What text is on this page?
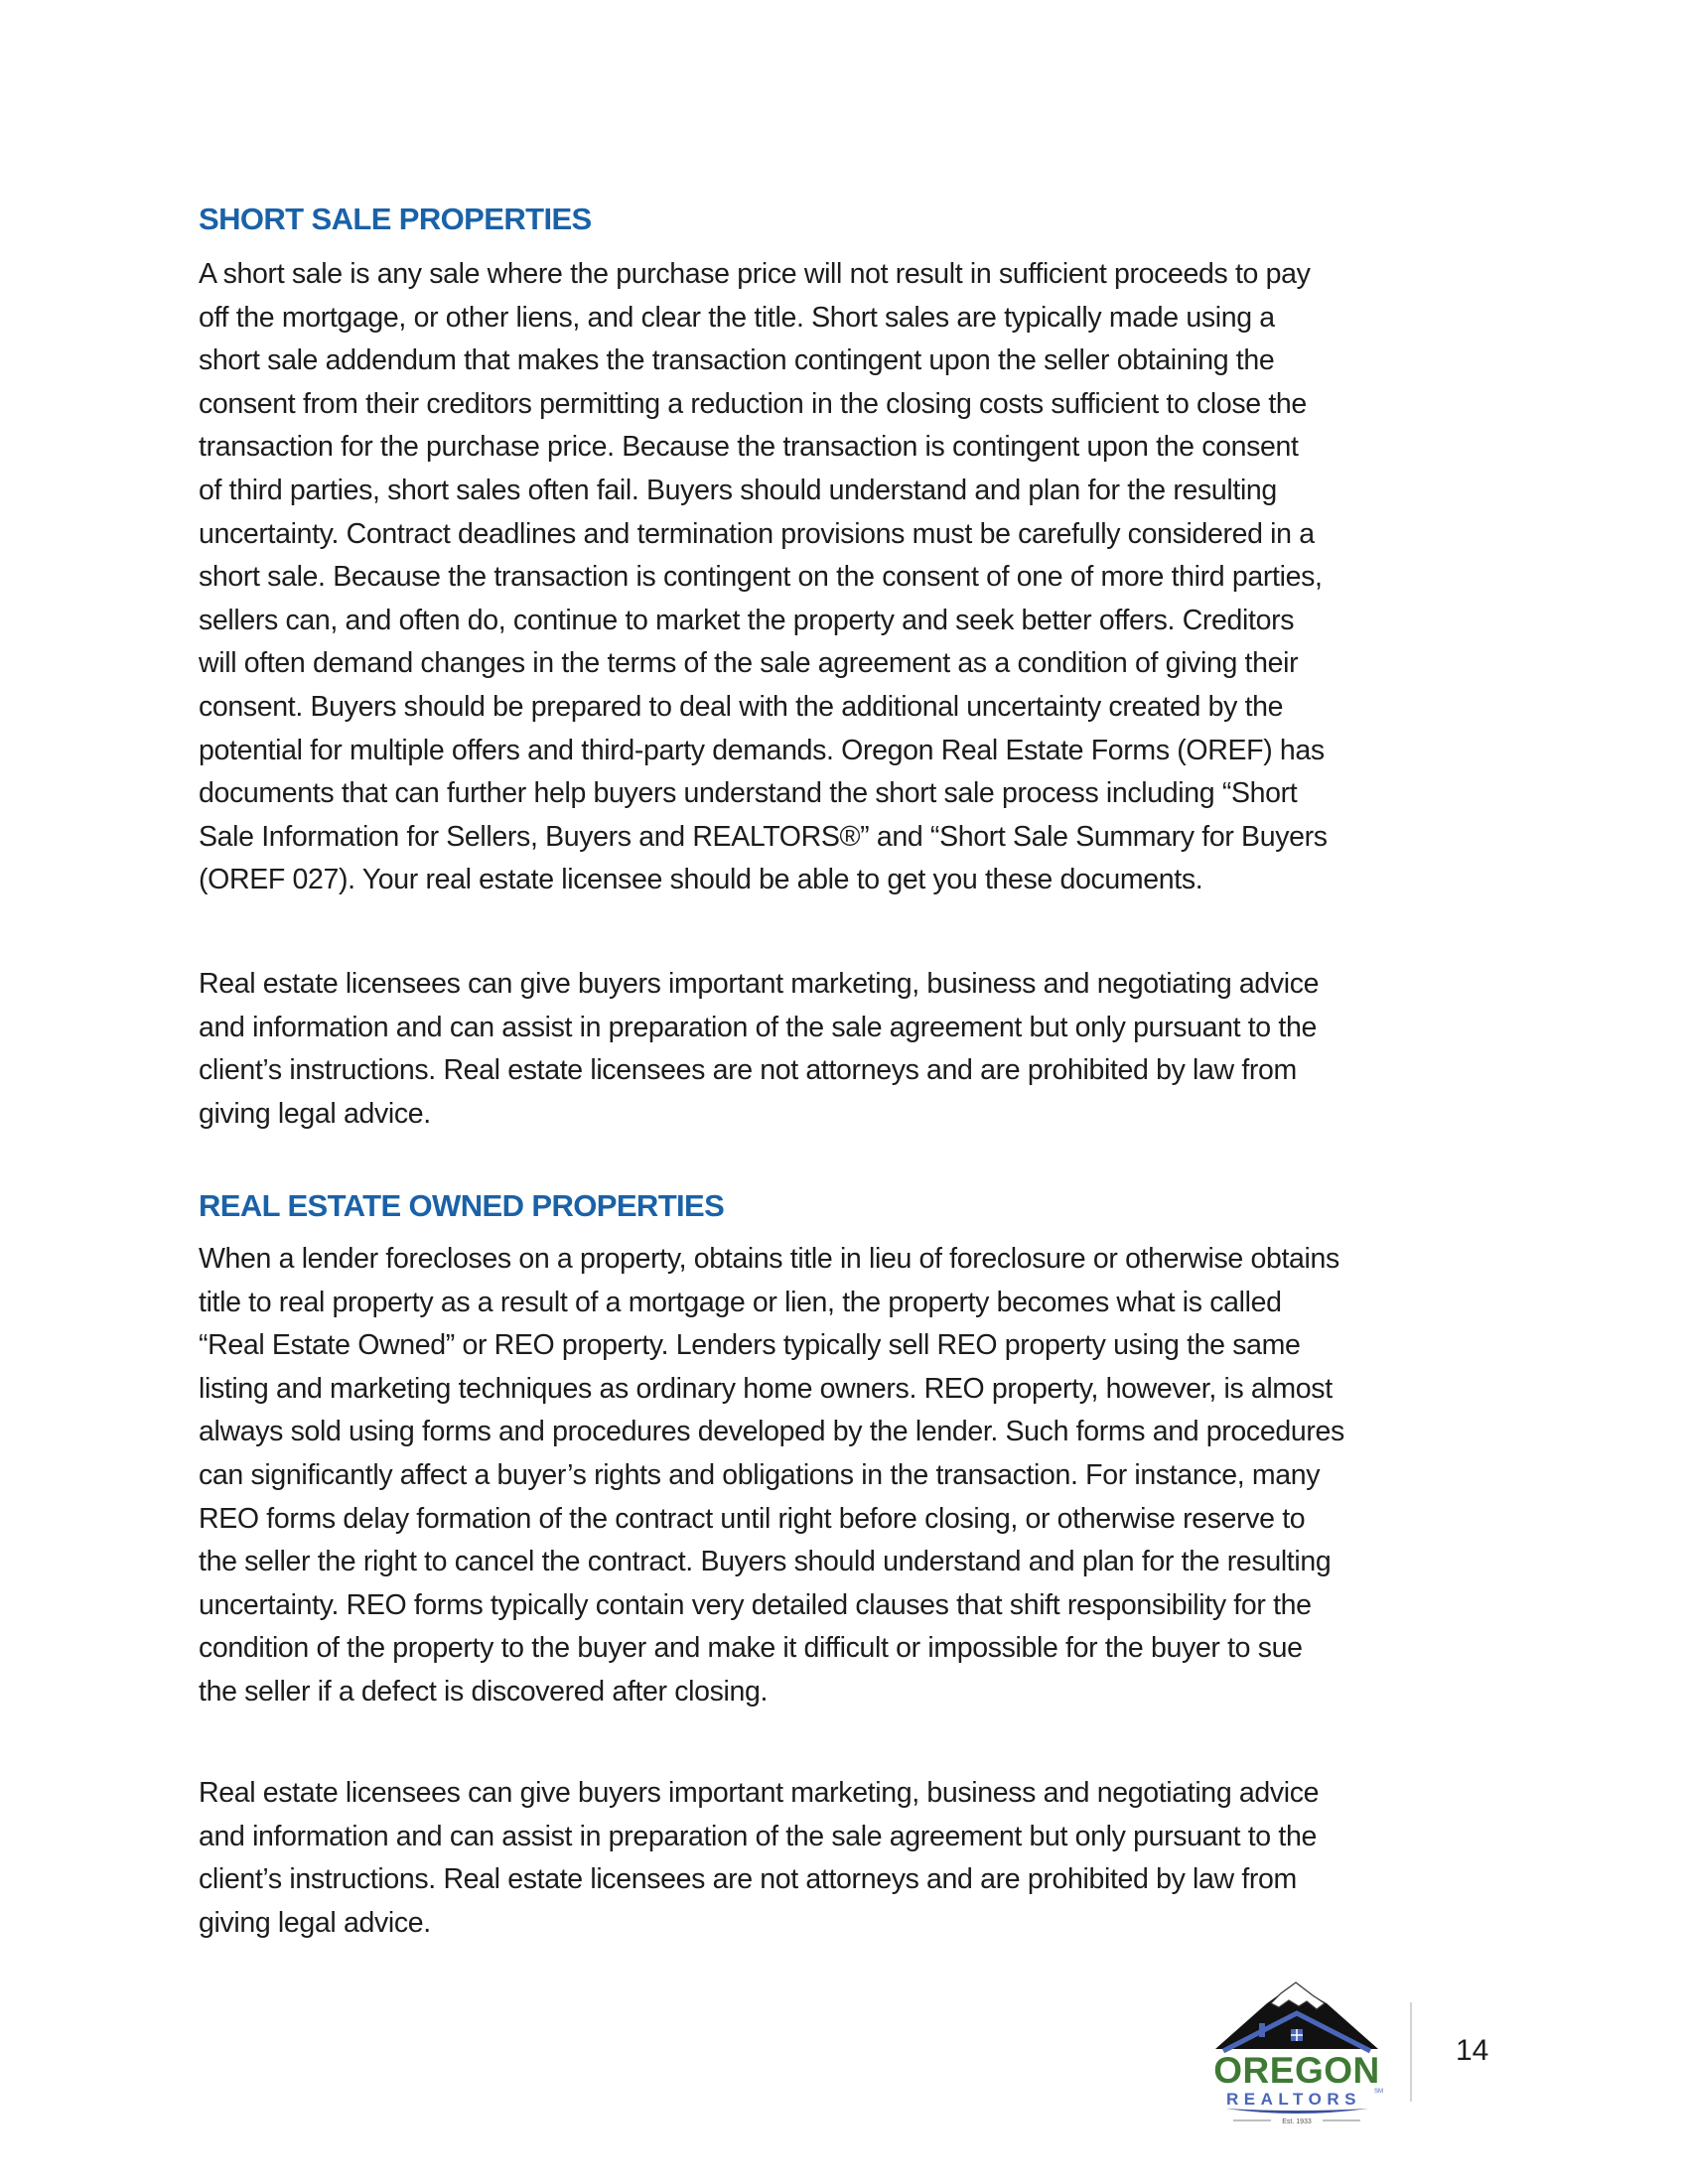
SHORT SALE PROPERTIES

A short sale is any sale where the purchase price will not result in sufficient proceeds to pay
off the mortgage, or other liens, and clear the title. Short sales are typically made using a
short sale addendum that makes the transaction contingent upon the seller obtaining the
consent from their creditors permitting a reduction in the closing costs sufficient to close the
transaction for the purchase price. Because the transaction is contingent upon the consent
of third parties, short sales often fail. Buyers should understand and plan for the resulting
uncertainty. Contract deadlines and termination provisions must be carefully considered in a
short sale. Because the transaction is contingent on the consent of one of more third parties,
sellers can, and often do, continue to market the property and seek better offers. Creditors
will often demand changes in the terms of the sale agreement as a condition of giving their
consent. Buyers should be prepared to deal with the additional uncertainty created by the
potential for multiple offers and third-party demands. Oregon Real Estate Forms (OREF) has
documents that can further help buyers understand the short sale process including “Short
Sale Information for Sellers, Buyers and REALTORS®” and “Short Sale Summary for Buyers
(OREF 027). Your real estate licensee should be able to get you these documents.

Real estate licensees can give buyers important marketing, business and negotiating advice
and information and can assist in preparation of the sale agreement but only pursuant to the
client’s instructions. Real estate licensees are not attorneys and are prohibited by law from
giving legal advice.

REAL ESTATE OWNED PROPERTIES

When a lender forecloses on a property, obtains title in lieu of foreclosure or otherwise obtains
title to real property as a result of a mortgage or lien, the property becomes what is called
“Real Estate Owned” or REO property. Lenders typically sell REO property using the same
listing and marketing techniques as ordinary home owners. REO property, however, is almost
always sold using forms and procedures developed by the lender. Such forms and procedures
can significantly affect a buyer’s rights and obligations in the transaction. For instance, many
REO forms delay formation of the contract until right before closing, or otherwise reserve to
the seller the right to cancel the contract. Buyers should understand and plan for the resulting
uncertainty. REO forms typically contain very detailed clauses that shift responsibility for the
condition of the property to the buyer and make it difficult or impossible for the buyer to sue
the seller if a defect is discovered after closing.

Real estate licensees can give buyers important marketing, business and negotiating advice
and information and can assist in preparation of the sale agreement but only pursuant to the
client’s instructions. Real estate licensees are not attorneys and are prohibited by law from
giving legal advice.

OREGON
REALTORS SM
Est. 1933
14
